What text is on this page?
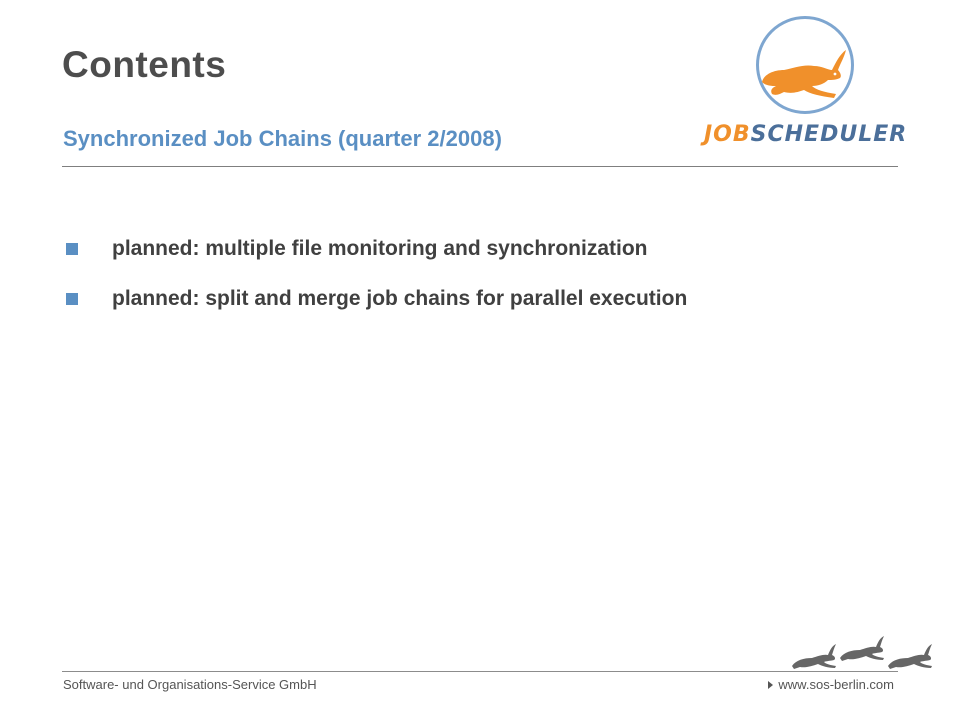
Contents
JOBSCHEDULER
Synchronized Job Chains (quarter 2/2008)
planned: multiple file monitoring and synchronization
planned: split and merge job chains for parallel execution
Software- und Organisations-Service GmbH	www.sos-berlin.com
